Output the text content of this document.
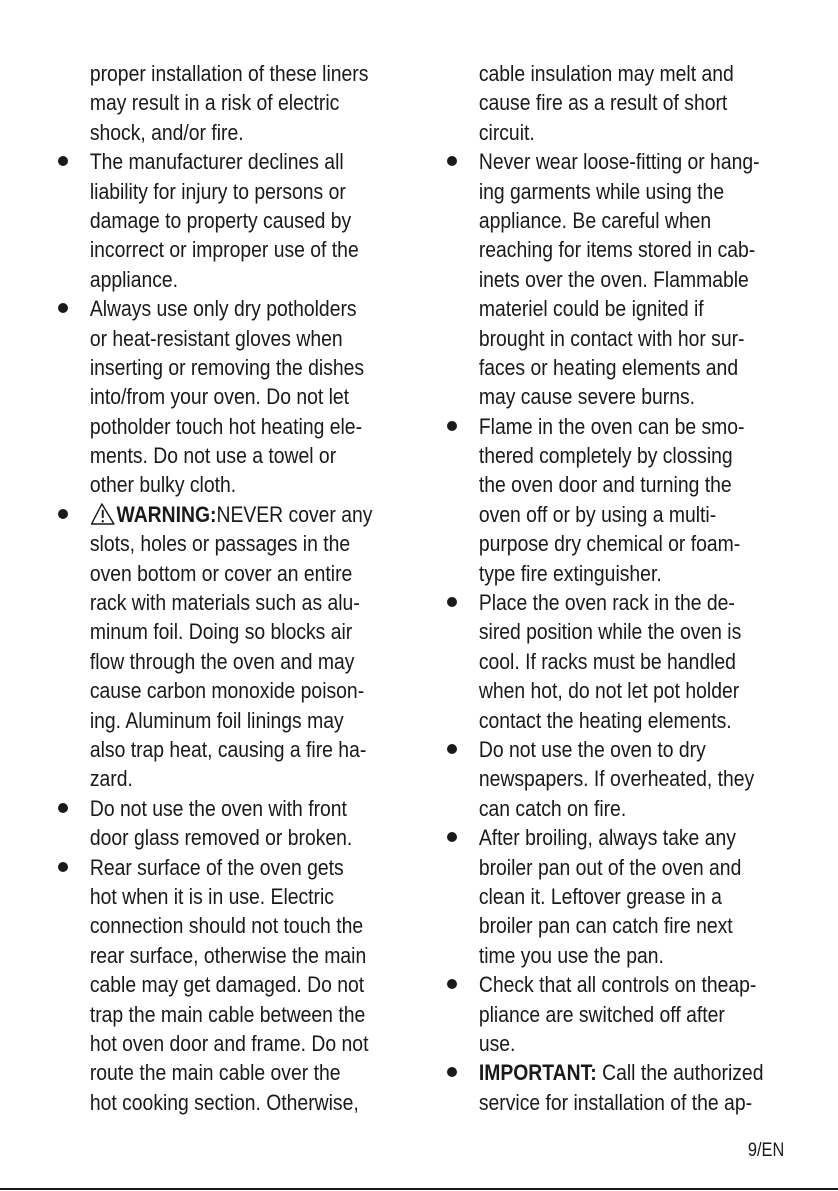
proper installation of these liners
may result in a risk of electric
shock, and/or fire.
The manufacturer declines all
liability for injury to persons or
damage to property caused by
incorrect or improper use of the
appliance.
Always use only dry potholders
or heat-resistant gloves when
inserting or removing the dishes
into/from your oven. Do not let
potholder touch hot heating ele-
ments. Do not use a towel or
other bulky cloth.
WARNING:NEVER cover any
slots, holes or passages in the
oven bottom or cover an entire
rack with materials such as alu-
minum foil. Doing so blocks air
flow through the oven and may
cause carbon monoxide poison-
ing. Aluminum foil linings may
also trap heat, causing a fire ha-
zard.
Do not use the oven with front
door glass removed or broken.
Rear surface of the oven gets
hot when it is in use. Electric
connection should not touch the
rear surface, otherwise the main
cable may get damaged. Do not
trap the main cable between the
hot oven door and frame. Do not
route the main cable over the
hot cooking section. Otherwise,
cable insulation may melt and
cause fire as a result of short
circuit.
Never wear loose-fitting or hang-
ing garments while using the
appliance. Be careful when
reaching for items stored in cab-
inets over the oven. Flammable
materiel could be ignited if
brought in contact with hor sur-
faces or heating elements and
may cause severe burns.
Flame in the oven can be smo-
thered completely by clossing
the oven door and turning the
oven off or by using a multi-
purpose dry chemical or foam-
type fire extinguisher.
Place the oven rack in the de-
sired position while the oven is
cool. If racks must be handled
when hot, do not let pot holder
contact the heating elements.
Do not use the oven to dry
newspapers. If overheated, they
can catch on fire.
After broiling, always take any
broiler pan out of the oven and
clean it. Leftover grease in a
broiler pan can catch fire next
time you use the pan.
Check that all controls on theap-
pliance are switched off after
use.
IMPORTANT: Call the authorized
service for installation of the ap-
9/EN
